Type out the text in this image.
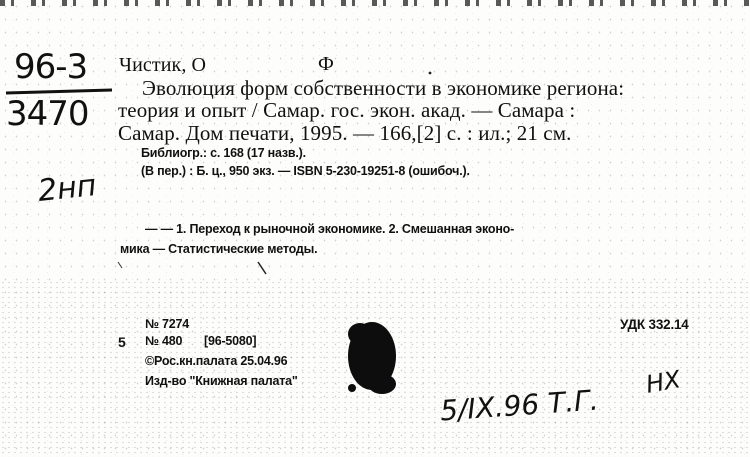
96-3
3470
2нп
Чистик, О	Ф
Эволюция форм собственности в экономике региона:
теория и опыт / Самар. гос. экон. акад. — Самара :
Самар. Дом печати, 1995. — 166,[2] с. : ил.; 21 см.
Библиогр.: с. 168 (17 назв.).
(В пер.) : Б. ц., 950 экз. — ISBN 5-230-19251-8 (ошибоч.).
— — 1. Переход к рыночной экономике. 2. Смешанная эконо-
мика — Статистические методы.
№ 7274
5 № 480 [96-5080]
©Рос.кн.палата 25.04.96
Изд-во "Книжная палата"
УДК 332.14
5/IX.96 Т.Г.
НХ
